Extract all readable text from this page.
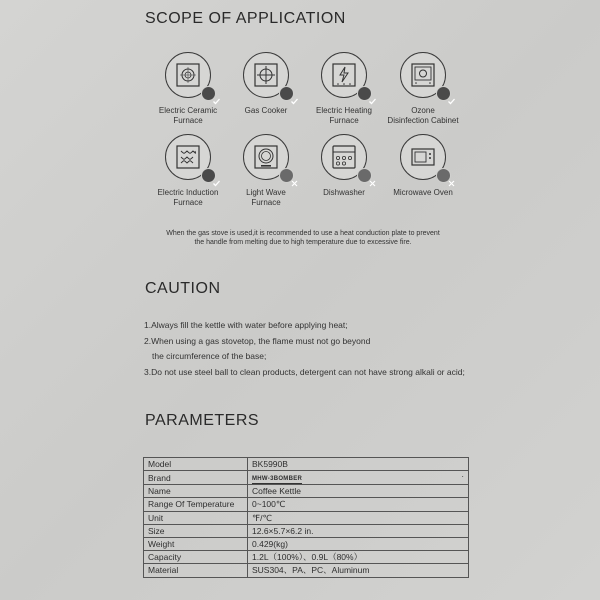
SCOPE OF APPLICATION
Electric Ceramic
Furnace
Gas Cooker	Electric Heating
Furnace
Ozone
Disinfection Cabinet
Electric Induction
Furnace
Light Wave
Furnace
Dishwasher	Microwave Oven
When the gas stove is used,it is recommended to use a heat conduction plate to prevent
the handle from melting due to high temperature due to excessive fire.
CAUTION
1.Always fill the kettle with water before applying heat;
2.When using a gas stovetop, the flame must not go beyond
the circumference of the base;
3.Do not use steel ball to clean products, detergent can not have strong alkali or acid;
PARAMETERS
Model	BK5990B
Brand	MHW-3BOMBER ·

Name	Coffee Kettle
Range Of Temperature	0~100℃
Unit	℉/℃
Size	12.6×5.7×6.2 in.
Weight	0.429(kg)
Capacity	1.2L（100%）、0.9L（80%）
Material	SUS304、PA、PC、Aluminum
